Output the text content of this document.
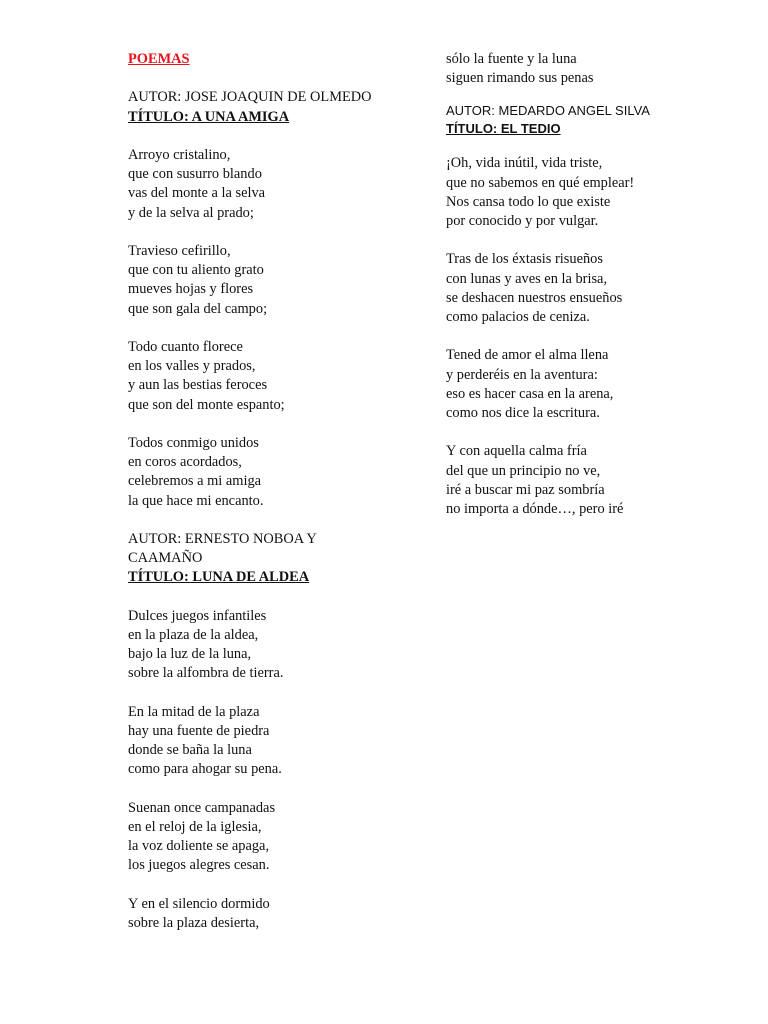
POEMAS
AUTOR: JOSE JOAQUIN DE OLMEDO
TÍTULO: A UNA AMIGA
Arroyo cristalino,
que con susurro blando
vas del monte a la selva
y de la selva al prado;
Travieso cefirillo,
que con tu aliento grato
mueves hojas y flores
que son gala del campo;
Todo cuanto florece
en los valles y prados,
y aun las bestias feroces
que son del monte espanto;
Todos conmigo unidos
en coros acordados,
celebremos a mi amiga
la que hace mi encanto.
AUTOR: ERNESTO NOBOA Y CAAMAÑO
TÍTULO: LUNA DE ALDEA
Dulces juegos infantiles
en la plaza de la aldea,
bajo la luz de la luna,
sobre la alfombra de tierra.
En la mitad de la plaza
hay una fuente de piedra
donde se baña la luna
como para ahogar su pena.
Suenan once campanadas
en el reloj de la iglesia,
la voz doliente se apaga,
los juegos alegres cesan.
Y en el silencio dormido
sobre la plaza desierta,
sólo la fuente y la luna
siguen rimando sus penas
AUTOR: MEDARDO ANGEL SILVA
TÍTULO: EL TEDIO
¡Oh, vida inútil, vida triste,
que no sabemos en qué emplear!
Nos cansa todo lo que existe
por conocido y por vulgar.
Tras de los éxtasis risueños
con lunas y aves en la brisa,
se deshacen nuestros ensueños
como palacios de ceniza.
Tened de amor el alma llena
y perderéis en la aventura:
eso es hacer casa en la arena,
como nos dice la escritura.
Y con aquella calma fría
del que un principio no ve,
iré a buscar mi paz sombría
no importa a dónde…, pero iré
